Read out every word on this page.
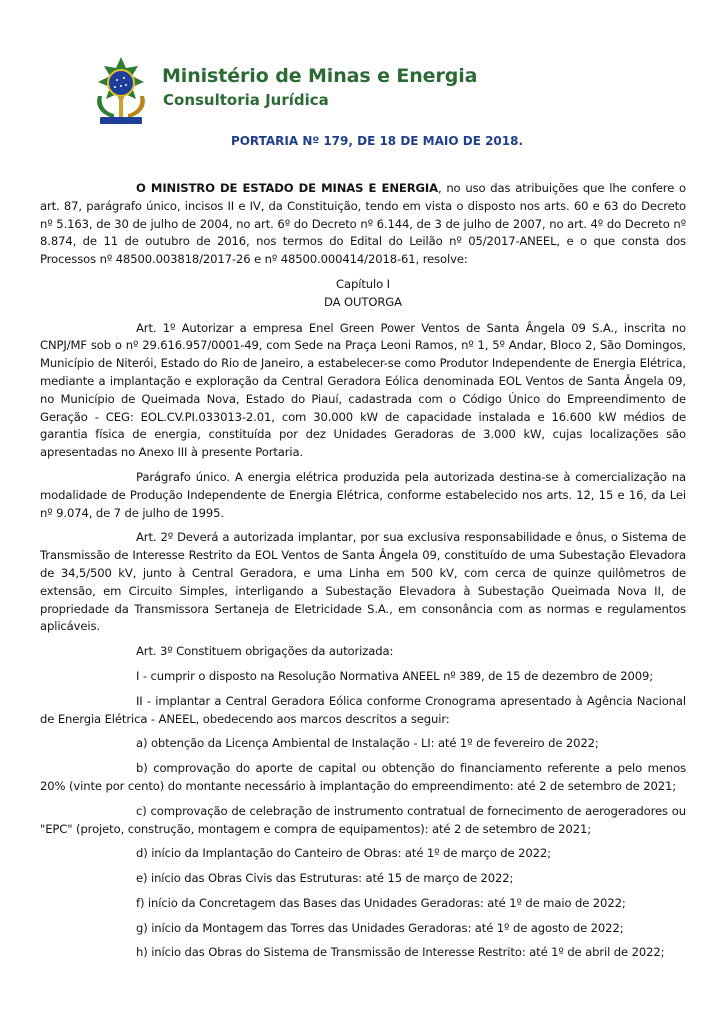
Ministério de Minas e Energia
Consultoria Jurídica
PORTARIA Nº 179, DE 18 DE MAIO DE 2018.

O MINISTRO DE ESTADO DE MINAS E ENERGIA, no uso das atribuições que lhe confere o art. 87, parágrafo único, incisos II e IV, da Constituição, tendo em vista o disposto nos arts. 60 e 63 do Decreto nº 5.163, de 30 de julho de 2004, no art. 6º do Decreto nº 6.144, de 3 de julho de 2007, no art. 4º do Decreto nº 8.874, de 11 de outubro de 2016, nos termos do Edital do Leilão nº 05/2017-ANEEL, e o que consta dos Processos nº 48500.003818/2017-26 e nº 48500.000414/2018-61, resolve:

Capítulo I
DA OUTORGA

Art. 1º Autorizar a empresa Enel Green Power Ventos de Santa Ângela 09 S.A., inscrita no CNPJ/MF sob o nº 29.616.957/0001-49, com Sede na Praça Leoni Ramos, nº 1, 5º Andar, Bloco 2, São Domingos, Município de Niterói, Estado do Rio de Janeiro, a estabelecer-se como Produtor Independente de Energia Elétrica, mediante a implantação e exploração da Central Geradora Eólica denominada EOL Ventos de Santa Ângela 09, no Município de Queimada Nova, Estado do Piauí, cadastrada com o Código Único do Empreendimento de Geração - CEG: EOL.CV.PI.033013-2.01, com 30.000 kW de capacidade instalada e 16.600 kW médios de garantia física de energia, constituída por dez Unidades Geradoras de 3.000 kW, cujas localizações são apresentadas no Anexo III à presente Portaria.

Parágrafo único. A energia elétrica produzida pela autorizada destina-se à comercialização na modalidade de Produção Independente de Energia Elétrica, conforme estabelecido nos arts. 12, 15 e 16, da Lei nº 9.074, de 7 de julho de 1995.

Art. 2º Deverá a autorizada implantar, por sua exclusiva responsabilidade e ônus, o Sistema de Transmissão de Interesse Restrito da EOL Ventos de Santa Ângela 09, constituído de uma Subestação Elevadora de 34,5/500 kV, junto à Central Geradora, e uma Linha em 500 kV, com cerca de quinze quilômetros de extensão, em Circuito Simples, interligando a Subestação Elevadora à Subestação Queimada Nova II, de propriedade da Transmissora Sertaneja de Eletricidade S.A., em consonância com as normas e regulamentos aplicáveis.

Art. 3º Constituem obrigações da autorizada:

I - cumprir o disposto na Resolução Normativa ANEEL nº 389, de 15 de dezembro de 2009;

II - implantar a Central Geradora Eólica conforme Cronograma apresentado à Agência Nacional de Energia Elétrica - ANEEL, obedecendo aos marcos descritos a seguir:

a) obtenção da Licença Ambiental de Instalação - LI: até 1º de fevereiro de 2022;

b) comprovação do aporte de capital ou obtenção do financiamento referente a pelo menos 20% (vinte por cento) do montante necessário à implantação do empreendimento: até 2 de setembro de 2021;

c) comprovação de celebração de instrumento contratual de fornecimento de aerogeradores ou "EPC" (projeto, construção, montagem e compra de equipamentos): até 2 de setembro de 2021;

d) início da Implantação do Canteiro de Obras: até 1º de março de 2022;

e) início das Obras Civis das Estruturas: até 15 de março de 2022;

f) início da Concretagem das Bases das Unidades Geradoras: até 1º de maio de 2022;

g) início da Montagem das Torres das Unidades Geradoras: até 1º de agosto de 2022;

h) início das Obras do Sistema de Transmissão de Interesse Restrito: até 1º de abril de 2022;
